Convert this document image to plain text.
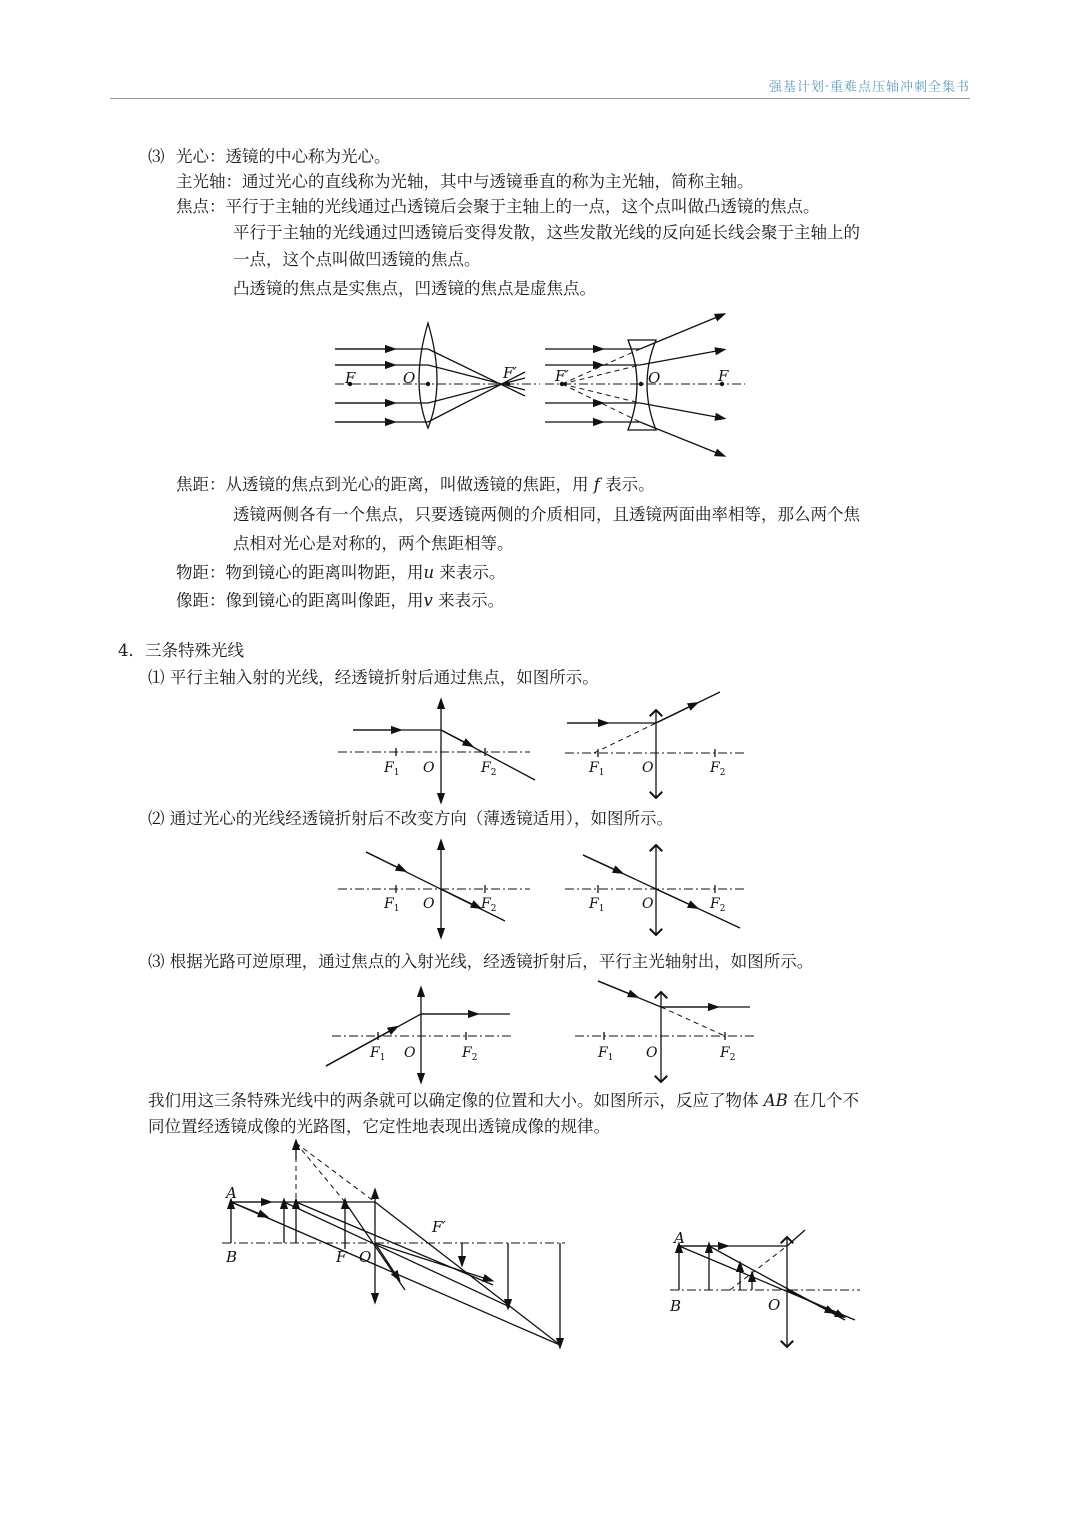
强基计划·重难点压轴冲刺全集书
⑶ 光心：透镜的中心称为光心。
主光轴：通过光心的直线称为光轴，其中与透镜垂直的称为主光轴，简称主轴。
焦点：平行于主轴的光线通过凸透镜后会聚于主轴上的一点，这个点叫做凸透镜的焦点。
平行于主轴的光线通过凹透镜后变得发散，这些发散光线的反向延长线会聚于主轴上的
一点，这个点叫做凹透镜的焦点。
凸透镜的焦点是实焦点，凹透镜的焦点是虚焦点。
焦距：从透镜的焦点到光心的距离，叫做透镜的焦距，用 f 表示。
透镜两侧各有一个焦点，只要透镜两侧的介质相同，且透镜两面曲率相等，那么两个焦
点相对光心是对称的，两个焦距相等。
物距：物到镜心的距离叫物距，用u 来表示。
像距：像到镜心的距离叫像距，用v 来表示。
4．三条特殊光线
⑴ 平行主轴入射的光线，经透镜折射后通过焦点，如图所示。
⑵ 通过光心的光线经透镜折射后不改变方向（薄透镜适用），如图所示。
⑶ 根据光路可逆原理，通过焦点的入射光线，经透镜折射后，平行主光轴射出，如图所示。
我们用这三条特殊光线中的两条就可以确定像的位置和大小。如图所示，反应了物体 AB 在几个不
同位置经透镜成像的光路图，它定性地表现出透镜成像的规律。
F	O	F′	F′	O	F
$F_1$ O	$F_2$	$F_1$	O	$F_2$
$F_1$ O	$F_2$	$F_1$	O	$F_2$
$F_1$ O	$F_2$	$F_1$ O	$F_2$
A
B	F O
F′
A
B	O
